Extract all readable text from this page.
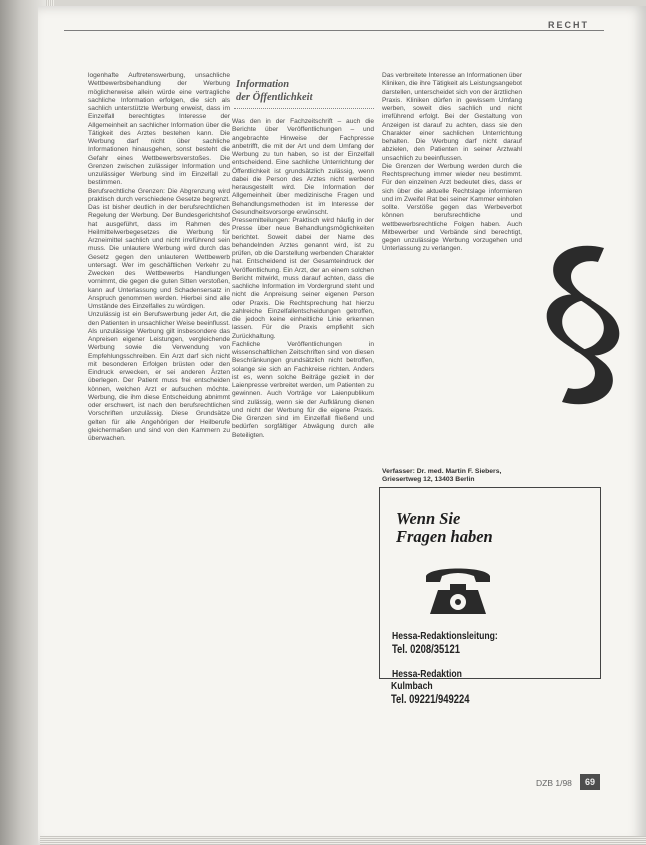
RECHT

logenhafte Auftretenswerbung, unsachliche Wettbewerbsbehandlung der Werbung möglicherweise allein würde eine vertragliche sachliche Information erfolgen, die sich als sachlich unterstützte Werbung erweist, dass im Einzelfall berechtigtes Interesse der Allgemeinheit an sachlicher Information über die Tätigkeit des Arztes bestehen kann. Die Werbung darf nicht über sachliche Informationen hinausgehen, sonst besteht die Gefahr eines Wettbewerbsverstoßes. Die Grenzen zwischen zulässiger Information und unzulässiger Werbung sind im Einzelfall zu bestimmen.

Berufsrechtliche Grenzen: Die Abgrenzung wird praktisch durch verschiedene Gesetze begrenzt. Das ist bisher deutlich in der berufsrechtlichen Regelung der Werbung. Der Bundesgerichtshof hat ausgeführt, dass im Rahmen des Heilmittelwerbegesetzes die Werbung für Arzneimittel sachlich und nicht irreführend sein muss. Die unlautere Werbung wird durch das Gesetz gegen den unlauteren Wettbewerb untersagt. Wer im geschäftlichen Verkehr zu Zwecken des Wettbewerbs Handlungen vornimmt, die gegen die guten Sitten verstoßen, kann auf Unterlassung und Schadensersatz in Anspruch genommen werden. Hierbei sind alle Umstände des Einzelfalles zu würdigen.

Unzulässig ist ein Berufswerbung jeder Art, die den Patienten in unsachlicher Weise beeinflusst. Als unzulässige Werbung gilt insbesondere das Anpreisen eigener Leistungen, vergleichende Werbung sowie die Verwendung von Empfehlungsschreiben. Ein Arzt darf sich nicht mit besonderen Erfolgen brüsten oder den Eindruck erwecken, er sei anderen Ärzten überlegen. Der Patient muss frei entscheiden können, welchen Arzt er aufsuchen möchte. Werbung, die ihm diese Entscheidung abnimmt oder erschwert, ist nach den berufsrechtlichen Vorschriften unzulässig. Diese Grundsätze gelten für alle Angehörigen der Heilberufe gleichermaßen und sind von den Kammern zu überwachen.

Information
der Öffentlichkeit

Was den in der Fachzeitschrift – auch die Berichte über Veröffentlichungen – und angebrachte Hinweise der Fachpresse anbetrifft, die mit der Art und dem Umfang der Werbung zu tun haben, so ist der Einzelfall entscheidend. Eine sachliche Unterrichtung der Öffentlichkeit ist grundsätzlich zulässig, wenn dabei die Person des Arztes nicht werbend herausgestellt wird. Die Information der Allgemeinheit über medizinische Fragen und Behandlungsmethoden ist im Interesse der Gesundheitsvorsorge erwünscht.

Pressemitteilungen: Praktisch wird häufig in der Presse über neue Behandlungsmöglichkeiten berichtet. Soweit dabei der Name des behandelnden Arztes genannt wird, ist zu prüfen, ob die Darstellung werbenden Charakter hat. Entscheidend ist der Gesamteindruck der Veröffentlichung. Ein Arzt, der an einem solchen Bericht mitwirkt, muss darauf achten, dass die sachliche Information im Vordergrund steht und nicht die Anpreisung seiner eigenen Person oder Praxis. Die Rechtsprechung hat hierzu zahlreiche Einzelfallentscheidungen getroffen, die jedoch keine einheitliche Linie erkennen lassen. Für die Praxis empfiehlt sich Zurückhaltung.

Fachliche Veröffentlichungen in wissenschaftlichen Zeitschriften sind von diesen Beschränkungen grundsätzlich nicht betroffen, solange sie sich an Fachkreise richten. Anders ist es, wenn solche Beiträge gezielt in der Laienpresse verbreitet werden, um Patienten zu gewinnen. Auch Vorträge vor Laienpublikum sind zulässig, wenn sie der Aufklärung dienen und nicht der Werbung für die eigene Praxis. Die Grenzen sind im Einzelfall fließend und bedürfen sorgfältiger Abwägung durch alle Beteiligten.

Das verbreitete Interesse an Informationen über Kliniken, die ihre Tätigkeit als Leistungsangebot darstellen, unterscheidet sich von der ärztlichen Praxis. Kliniken dürfen in gewissem Umfang werben, soweit dies sachlich und nicht irreführend erfolgt. Bei der Gestaltung von Anzeigen ist darauf zu achten, dass sie den Charakter einer sachlichen Unterrichtung behalten. Die Werbung darf nicht darauf abzielen, den Patienten in seiner Arztwahl unsachlich zu beeinflussen.

Die Grenzen der Werbung werden durch die Rechtsprechung immer wieder neu bestimmt. Für den einzelnen Arzt bedeutet dies, dass er sich über die aktuelle Rechtslage informieren und im Zweifel Rat bei seiner Kammer einholen sollte. Verstöße gegen das Werbeverbot können berufsrechtliche und wettbewerbsrechtliche Folgen haben. Auch Mitbewerber und Verbände sind berechtigt, gegen unzulässige Werbung vorzugehen und Unterlassung zu verlangen.

Verfasser: Dr. med. Martin F. Siebers, Griesertweg 12, 13403 Berlin
Wenn Sie
Fragen haben
Hessa-Redaktionsleitung:
Tel. 0208/35121
Hessa-Redaktion
Kulmbach
Tel. 09221/949224
DZB 1/98	69
